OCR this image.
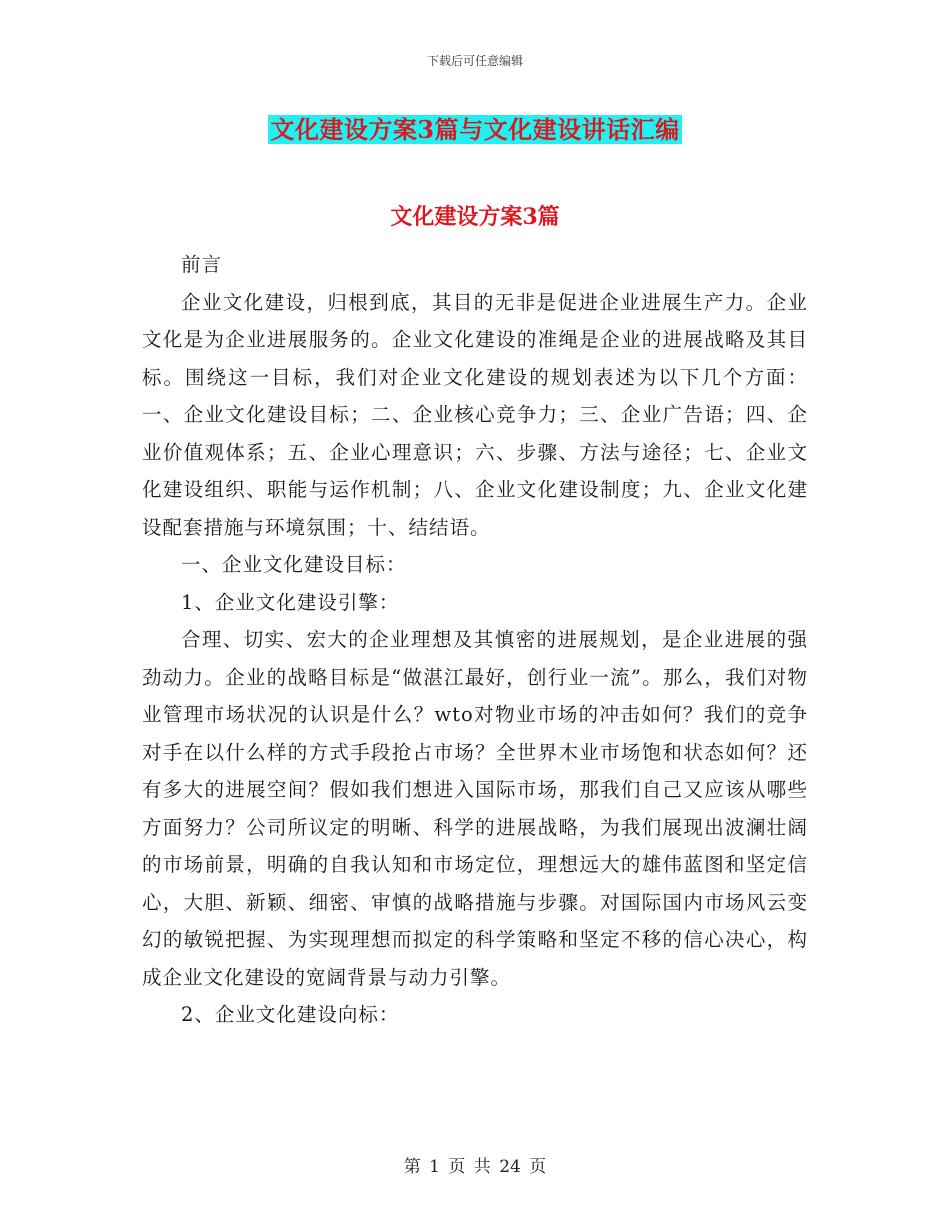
下载后可任意编辑
文化建设方案3篇与文化建设讲话汇编
文化建设方案3篇

前言

企业文化建设，归根到底，其目的无非是促进企业进展生产力。企业文化是为企业进展服务的。企业文化建设的准绳是企业的进展战略及其目标。围绕这一目标，我们对企业文化建设的规划表述为以下几个方面：一、企业文化建设目标；二、企业核心竞争力；三、企业广告语；四、企业价值观体系；五、企业心理意识；六、步骤、方法与途径；七、企业文化建设组织、职能与运作机制；八、企业文化建设制度；九、企业文化建设配套措施与环境氛围；十、结结语。

一、企业文化建设目标：

1、企业文化建设引擎：

合理、切实、宏大的企业理想及其慎密的进展规划，是企业进展的强劲动力。企业的战略目标是“做湛江最好，创行业一流”。那么，我们对物业管理市场状况的认识是什么？wto对物业市场的冲击如何？我们的竞争对手在以什么样的方式手段抢占市场？全世界木业市场饱和状态如何？还有多大的进展空间？假如我们想进入国际市场，那我们自己又应该从哪些方面努力？公司所议定的明晰、科学的进展战略，为我们展现出波澜壮阔的市场前景，明确的自我认知和市场定位，理想远大的雄伟蓝图和坚定信心，大胆、新颖、细密、审慎的战略措施与步骤。对国际国内市场风云变幻的敏锐把握、为实现理想而拟定的科学策略和坚定不移的信心决心，构成企业文化建设的宽阔背景与动力引擎。

2、企业文化建设向标：

第 1 页 共 24 页
